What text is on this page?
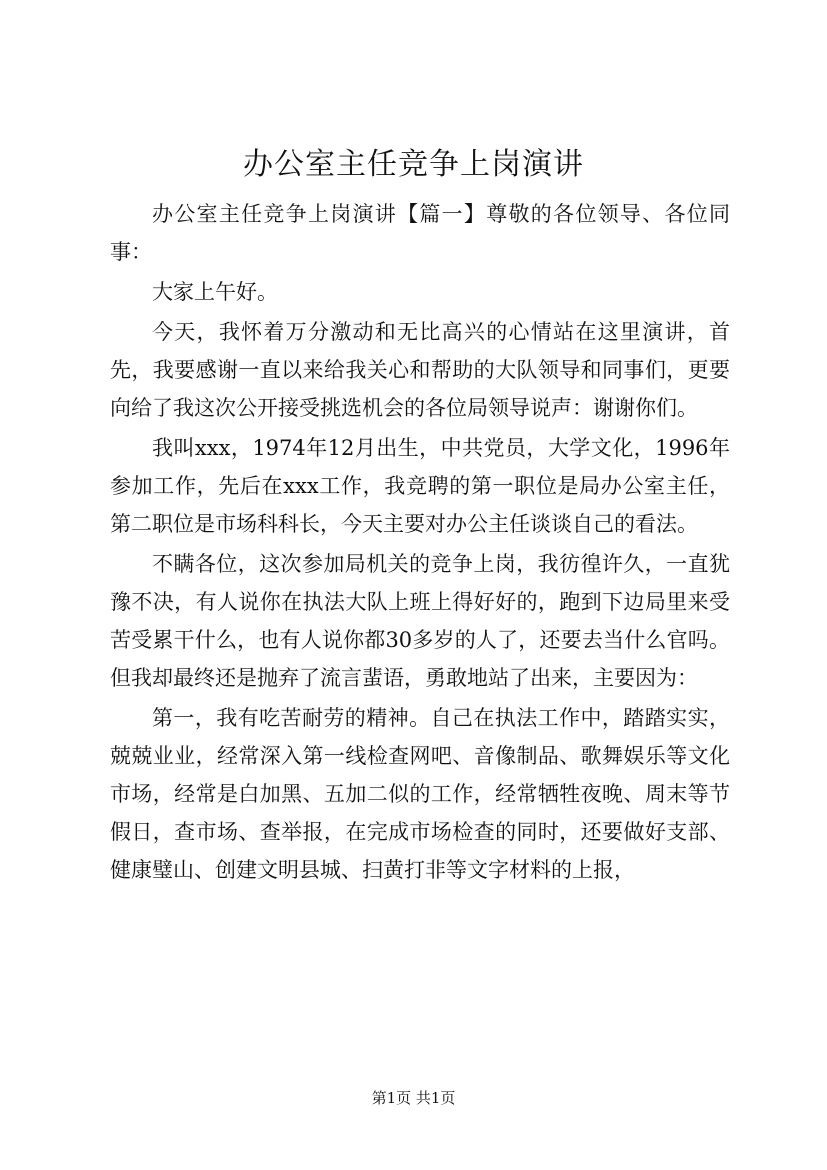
办公室主任竞争上岗演讲

办公室主任竞争上岗演讲【篇一】尊敬的各位领导、各位同事：

大家上午好。

今天，我怀着万分激动和无比高兴的心情站在这里演讲，首先，我要感谢一直以来给我关心和帮助的大队领导和同事们，更要向给了我这次公开接受挑选机会的各位局领导说声：谢谢你们。

我叫xxx，1974年12月出生，中共党员，大学文化，1996年参加工作，先后在xxx工作，我竞聘的第一职位是局办公室主任，第二职位是市场科科长，今天主要对办公主任谈谈自己的看法。

不瞒各位，这次参加局机关的竞争上岗，我彷徨许久，一直犹豫不决，有人说你在执法大队上班上得好好的，跑到下边局里来受苦受累干什么，也有人说你都30多岁的人了，还要去当什么官吗。但我却最终还是抛弃了流言蜚语，勇敢地站了出来，主要因为：

第一，我有吃苦耐劳的精神。自己在执法工作中，踏踏实实，兢兢业业，经常深入第一线检查网吧、音像制品、歌舞娱乐等文化市场，经常是白加黑、五加二似的工作，经常牺牲夜晚、周末等节假日，查市场、查举报，在完成市场检查的同时，还要做好支部、健康璧山、创建文明县城、扫黄打非等文字材料的上报，

第1页 共1页
